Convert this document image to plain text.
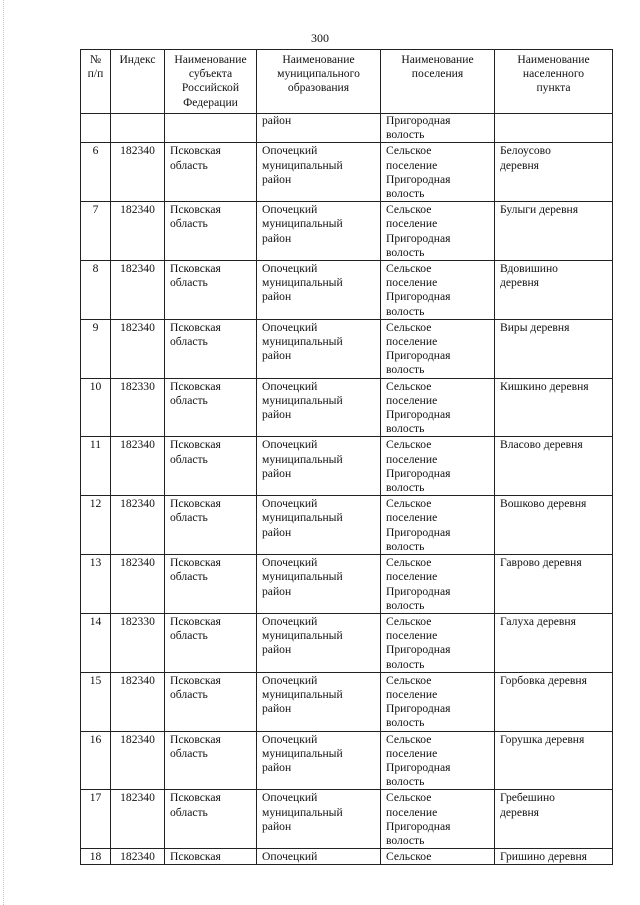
300
№
п/п	Индекс	Наименование
субъекта
Российской
Федерации	Наименование
муниципального
образования	Наименование
поселения	Наименование
населенного
пункта

			район	Пригородная
волость	

6	182340	Псковская
область	Опочецкий
муниципальный
район	Сельское
поселение
Пригородная
волость	Белоусово
деревня

7	182340	Псковская
область	Опочецкий
муниципальный
район	Сельское
поселение
Пригородная
волость	Булыги деревня

8	182340	Псковская
область	Опочецкий
муниципальный
район	Сельское
поселение
Пригородная
волость	Вдовишино
деревня

9	182340	Псковская
область	Опочецкий
муниципальный
район	Сельское
поселение
Пригородная
волость	Виры деревня

10	182330	Псковская
область	Опочецкий
муниципальный
район	Сельское
поселение
Пригородная
волость	Кишкино деревня

11	182340	Псковская
область	Опочецкий
муниципальный
район	Сельское
поселение
Пригородная
волость	Власово деревня

12	182340	Псковская
область	Опочецкий
муниципальный
район	Сельское
поселение
Пригородная
волость	Вошково деревня

13	182340	Псковская
область	Опочецкий
муниципальный
район	Сельское
поселение
Пригородная
волость	Гаврово деревня

14	182330	Псковская
область	Опочецкий
муниципальный
район	Сельское
поселение
Пригородная
волость	Галуха деревня

15	182340	Псковская
область	Опочецкий
муниципальный
район	Сельское
поселение
Пригородная
волость	Горбовка деревня

16	182340	Псковская
область	Опочецкий
муниципальный
район	Сельское
поселение
Пригородная
волость	Горушка деревня

17	182340	Псковская
область	Опочецкий
муниципальный
район	Сельское
поселение
Пригородная
волость	Гребешино
деревня

18	182340	Псковская	Опочецкий	Сельское	Гришино деревня
